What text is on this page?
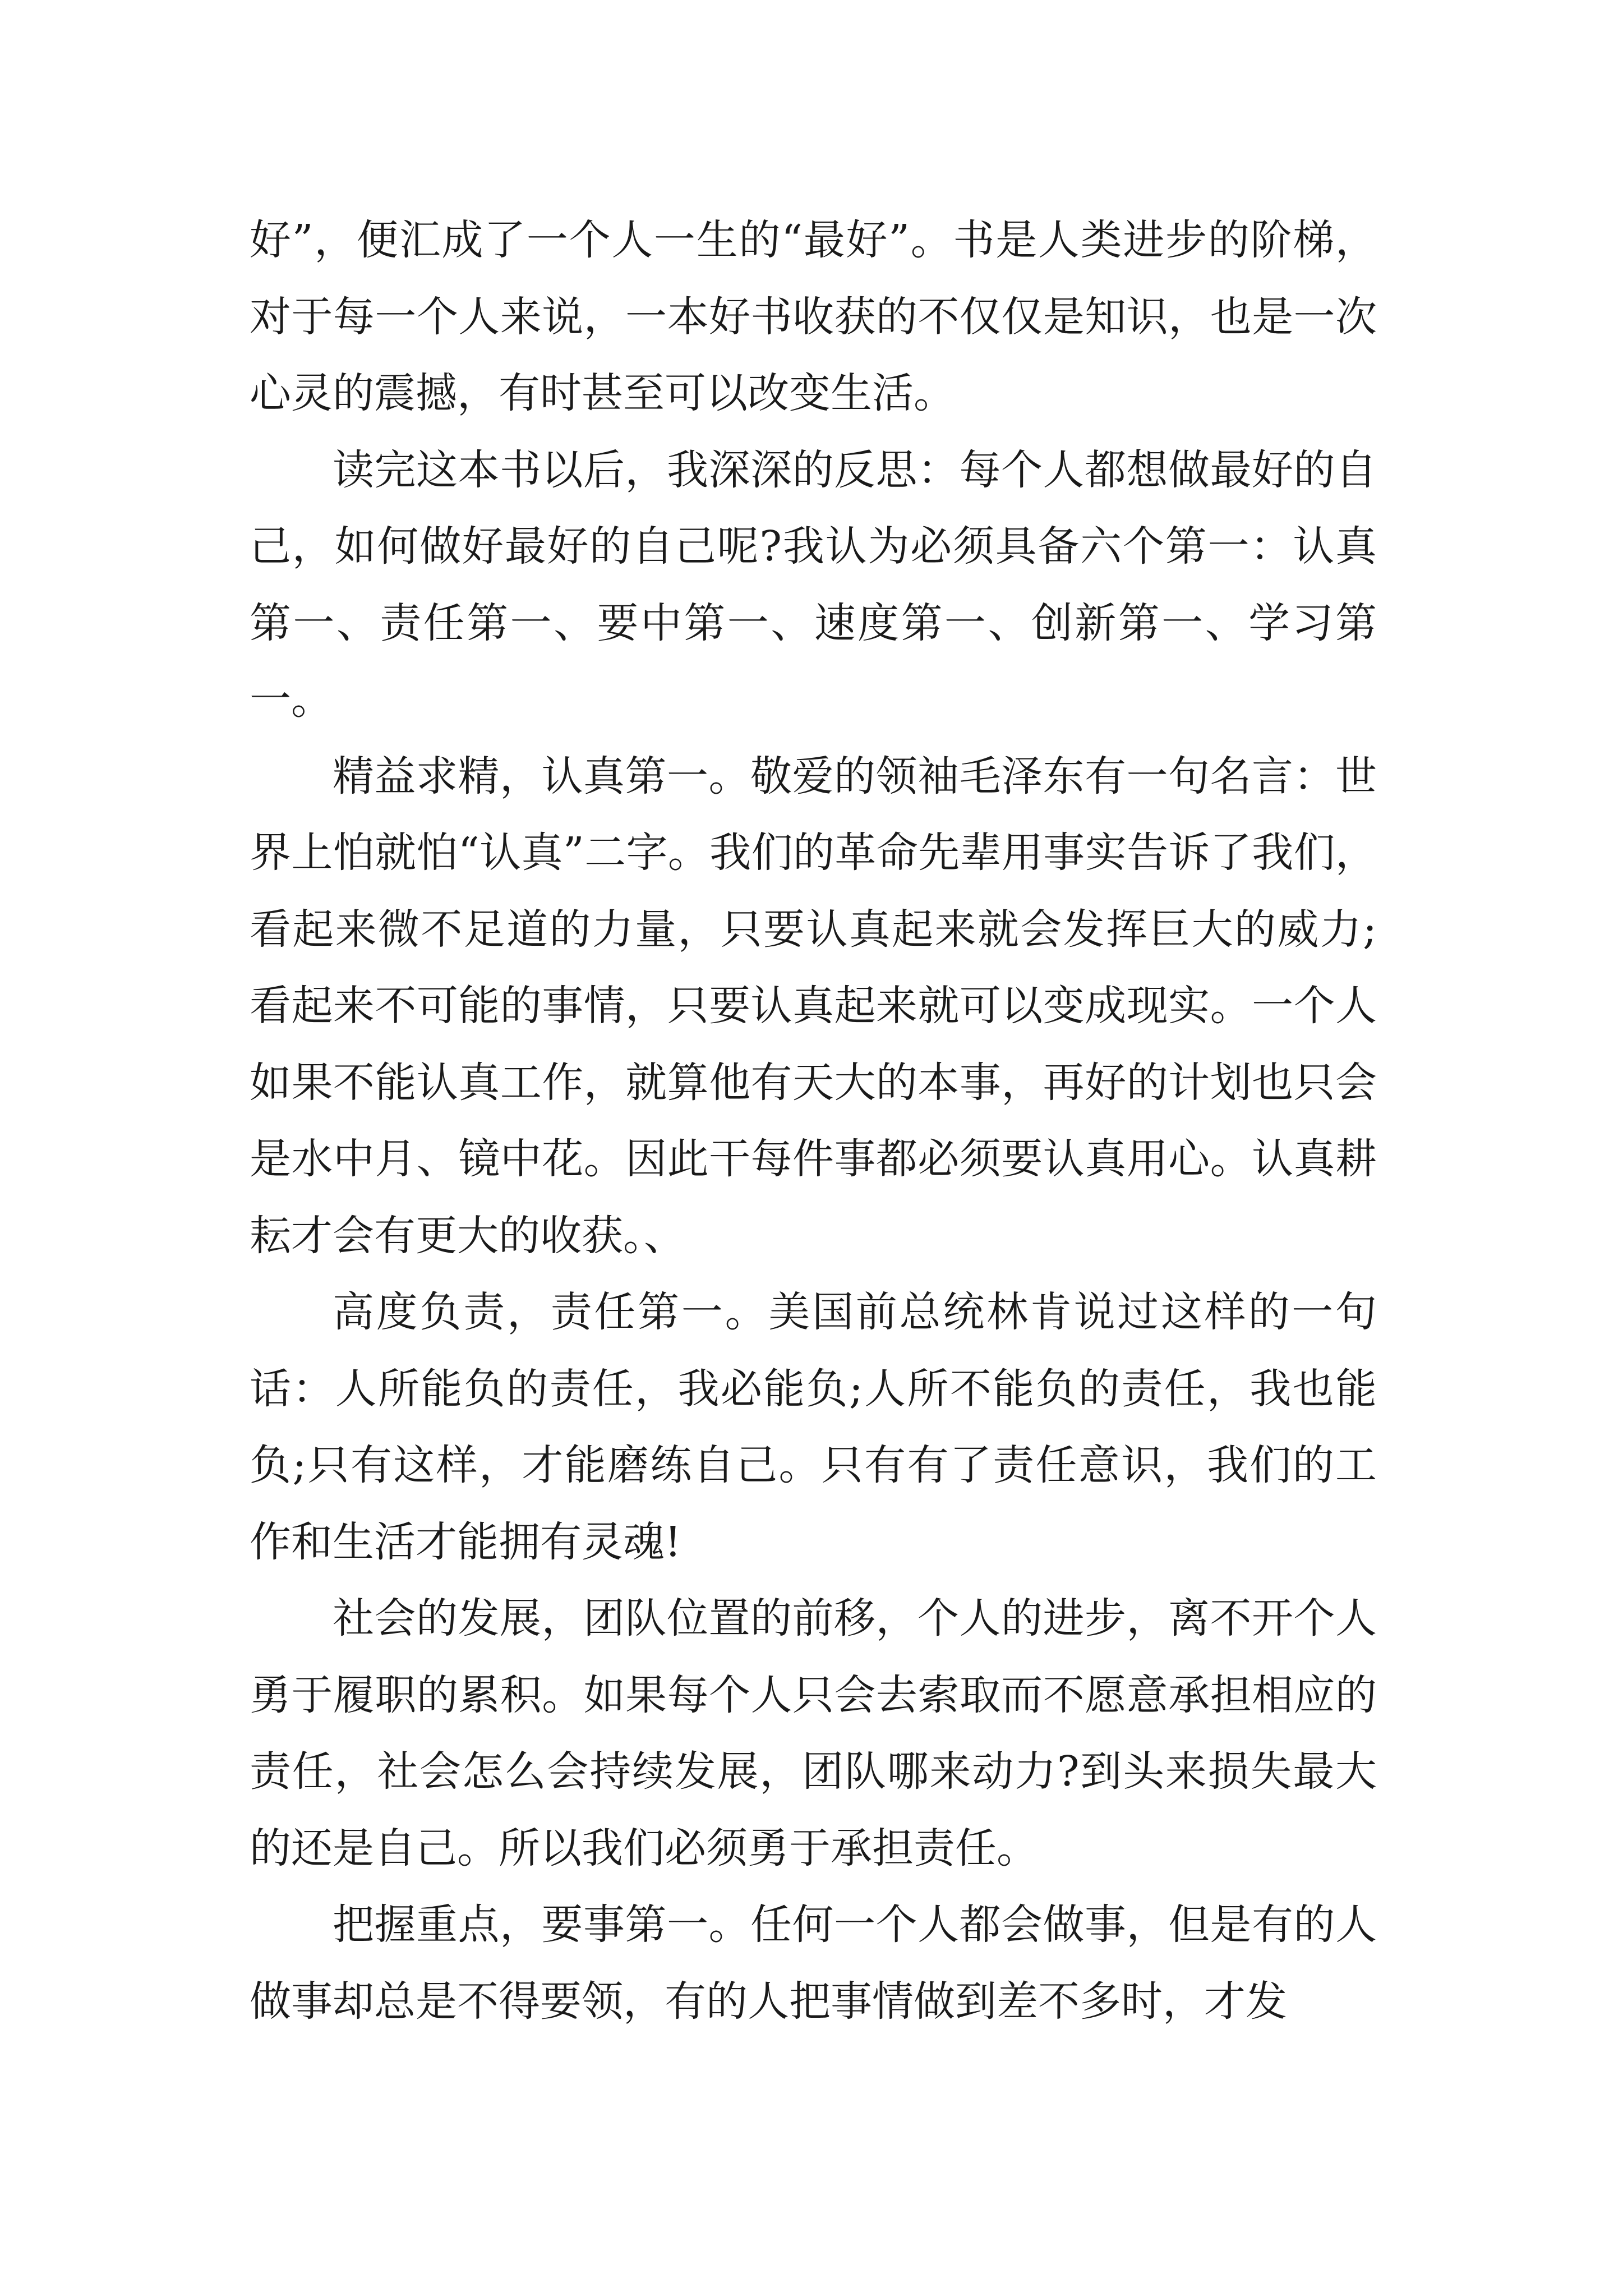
好”，便汇成了一个人一生的“最好”。书是人类进步的阶梯，对于每一个人来说，一本好书收获的不仅仅是知识，也是一次心灵的震撼，有时甚至可以改变生活。

读完这本书以后，我深深的反思：每个人都想做最好的自己，如何做好最好的自己呢?我认为必须具备六个第一：认真第一、责任第一、要中第一、速度第一、创新第一、学习第一。

精益求精，认真第一。敬爱的领袖毛泽东有一句名言：世界上怕就怕“认真”二字。我们的革命先辈用事实告诉了我们，看起来微不足道的力量，只要认真起来就会发挥巨大的威力;看起来不可能的事情，只要认真起来就可以变成现实。一个人如果不能认真工作，就算他有天大的本事，再好的计划也只会是水中月、镜中花。因此干每件事都必须要认真用心。认真耕耘才会有更大的收获。、

高度负责，责任第一。美国前总统林肯说过这样的一句话：人所能负的责任，我必能负;人所不能负的责任，我也能负;只有这样，才能磨练自己。只有有了责任意识，我们的工作和生活才能拥有灵魂!

社会的发展，团队位置的前移，个人的进步，离不开个人勇于履职的累积。如果每个人只会去索取而不愿意承担相应的责任，社会怎么会持续发展，团队哪来动力?到头来损失最大的还是自己。所以我们必须勇于承担责任。

把握重点，要事第一。任何一个人都会做事，但是有的人做事却总是不得要领，有的人把事情做到差不多时，才发
